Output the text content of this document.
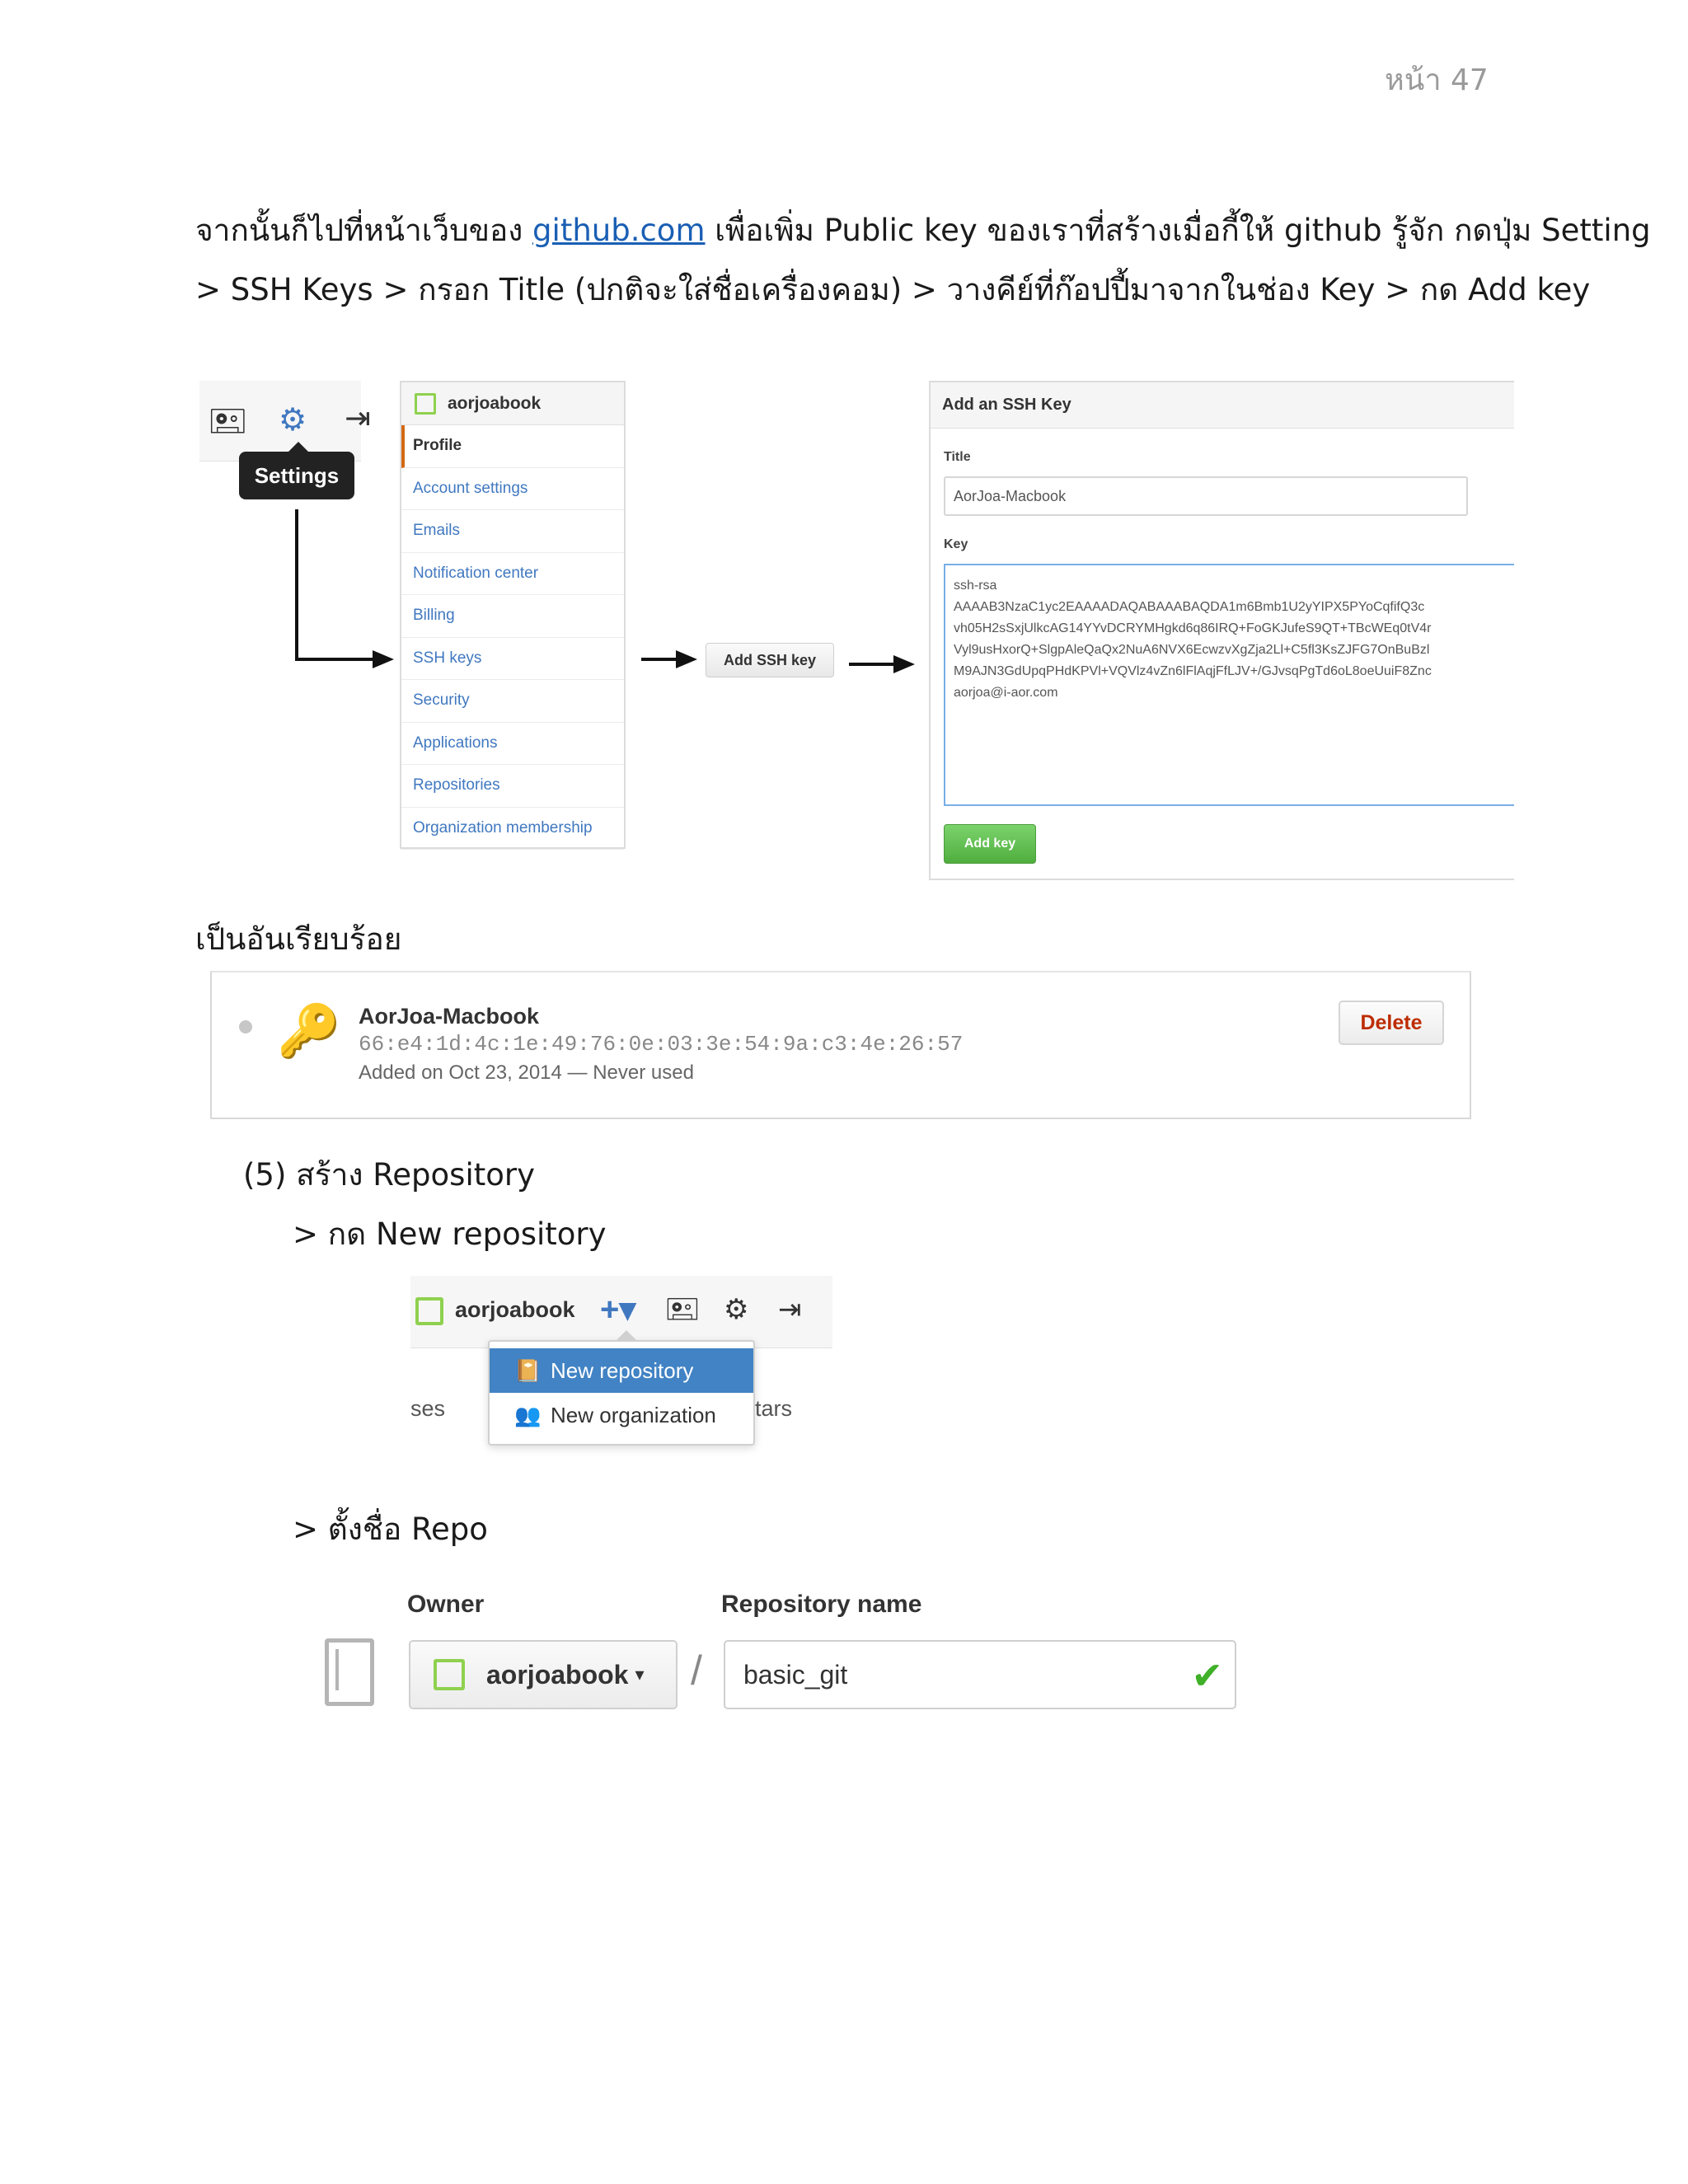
หน้า 47
จากนั้นก็ไปที่หน้าเว็บของ github.com เพื่อเพิ่ม Public key ของเราที่สร้างเมื่อกี้ให้ github รู้จัก กดปุ่ม Setting
> SSH Keys > กรอก Title (ปกติจะใส่ชื่อเครื่องคอม) > วางคีย์ที่ก๊อปปี้มาจากในช่อง Key > กด Add key
🖭 ⚙ ⇥
Settings
aorjoabook
Profile
Account settings
Emails
Notification center
Billing
SSH keys
Security
Applications
Repositories
Organization membership
Add SSH key
Add an SSH Key
Title
AorJoa-Macbook
Key
ssh-rsa
AAAAB3NzaC1yc2EAAAADAQABAAABAQDA1m6Bmb1U2yYIPX5PYoCqfifQ3c
vh05H2sSxjUlkcAG14YYvDCRYMHgkd6q86IRQ+FoGKJufeS9QT+TBcWEq0tV4r
Vyl9usHxorQ+SlgpAleQaQx2NuA6NVX6EcwzvXgZja2Ll+C5fl3KsZJFG7OnBuBzl
M9AJN3GdUpqPHdKPVl+VQVlz4vZn6lFlAqjFfLJV+/GJvsqPgTd6oL8oeUuiF8Znc
aorjoa@i-aor.com
Add key
เป็นอันเรียบร้อย
🔑 AorJoa-Macbook
66:e4:1d:4c:1e:49:76:0e:03:3e:54:9a:c3:4e:26:57
Added on Oct 23, 2014 — Never used
Delete
(5) สร้าง Repository
> กด New repository
aorjoabook +▾ 🖭 ⚙ ⇥
ses	tars
📔 New repository
👥 New organization
> ตั้งชื่อ Repo
Owner	Repository name
aorjoabook ▾ / basic_git	✔
